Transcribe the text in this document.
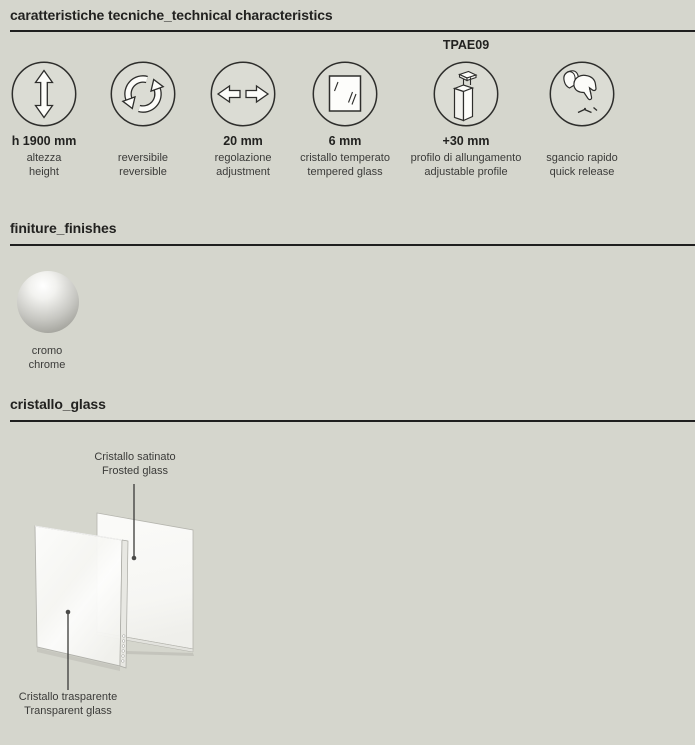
caratteristiche tecniche_technical characteristics
h 1900 mm
altezza
height
reversibile
reversible
20 mm
regolazione
adjustment
6 mm
cristallo temperato
tempered glass
TPAE09
+30 mm
profilo di allungamento
adjustable profile
sgancio rapido
quick release
finiture_finishes
cromo
chrome
cristallo_glass
Cristallo satinato
Frosted glass
Cristallo trasparente
Transparent glass
